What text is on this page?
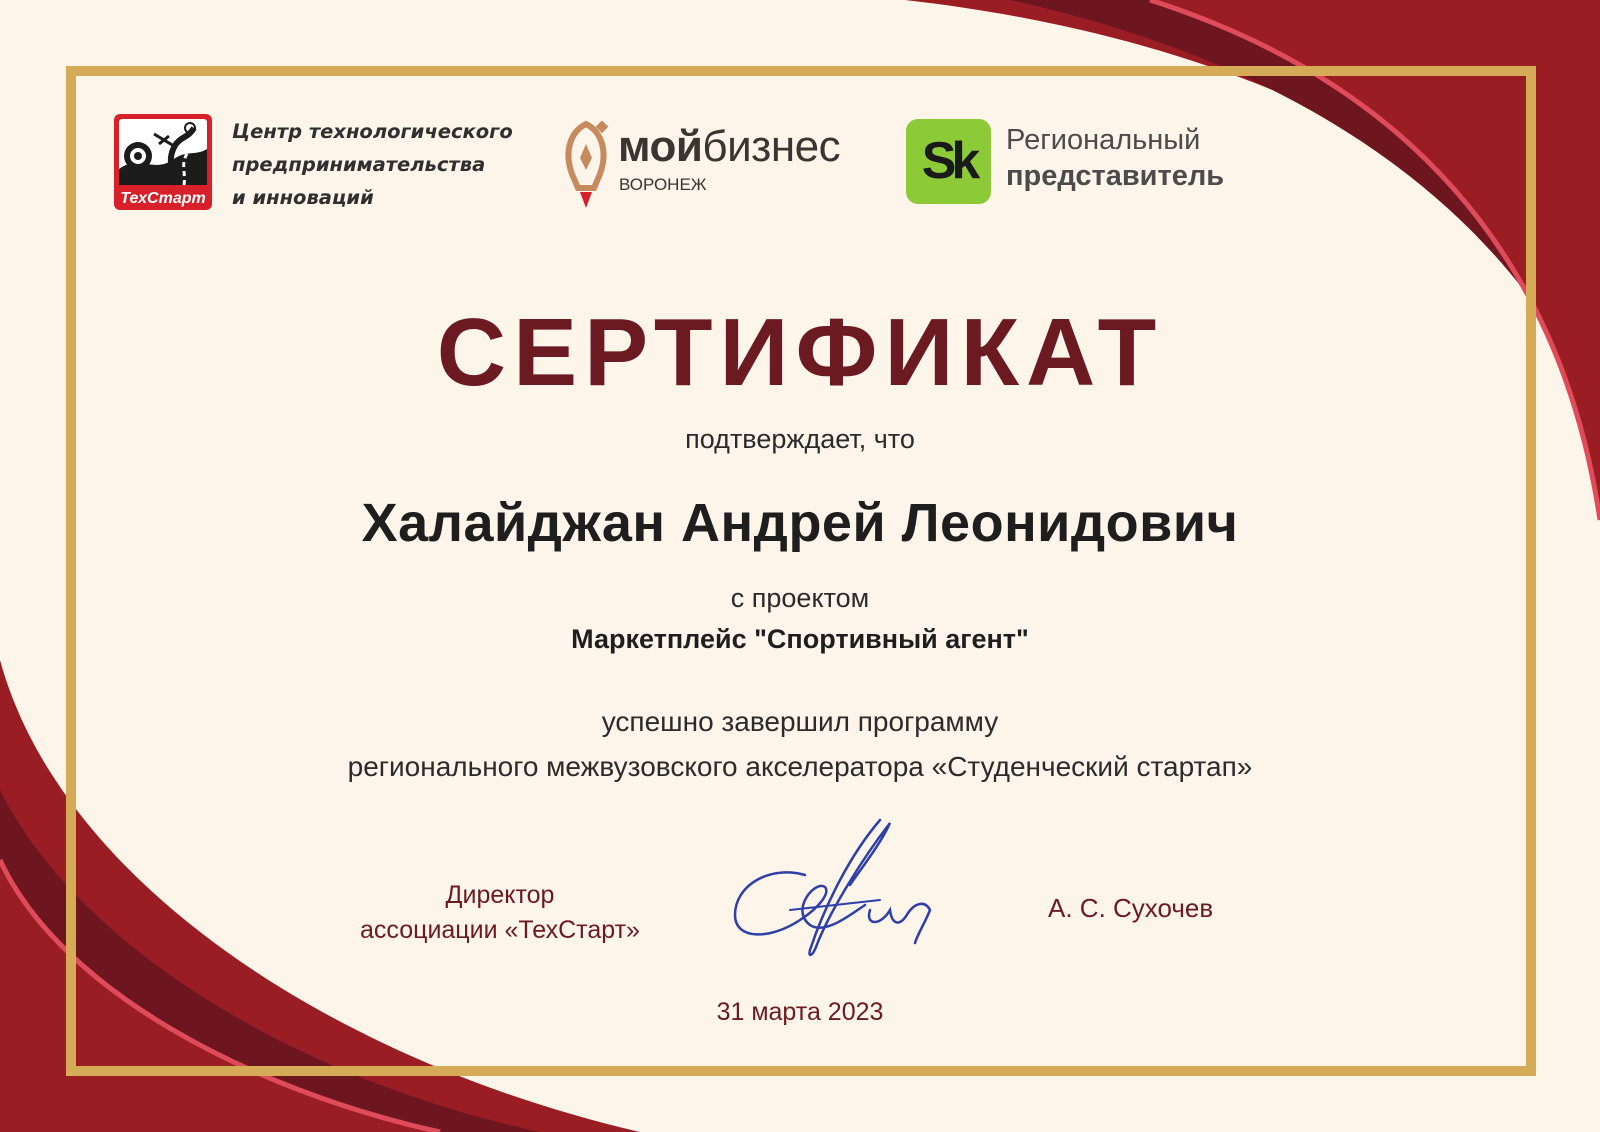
ТехСтарт
Центр технологического
предпринимательства
и инноваций
мойбизнес
ВОРОНЕЖ	Sk	Региональный
представитель
СЕРТИФИКАТ
подтверждает, что
Халайджан Андрей Леонидович
с проектом
Маркетплейс "Спортивный агент"
успешно завершил программу
регионального межвузовского акселератора «Студенческий стартап»
Директор
ассоциации «ТехСтарт»
А. С. Сухочев
31 марта 2023
